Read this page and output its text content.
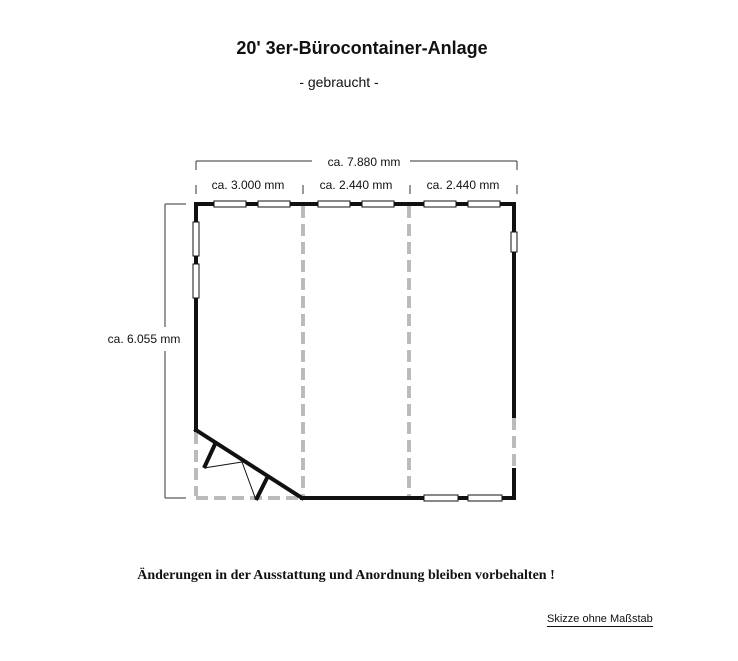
20' 3er-Bürocontainer-Anlage
- gebraucht -
ca. 7.880 mm
ca. 3.000 mm	ca. 2.440 mm	ca. 2.440 mm
ca. 6.055 mm
Änderungen in der Ausstattung und Anordnung bleiben vorbehalten !
Skizze ohne Maßstab
